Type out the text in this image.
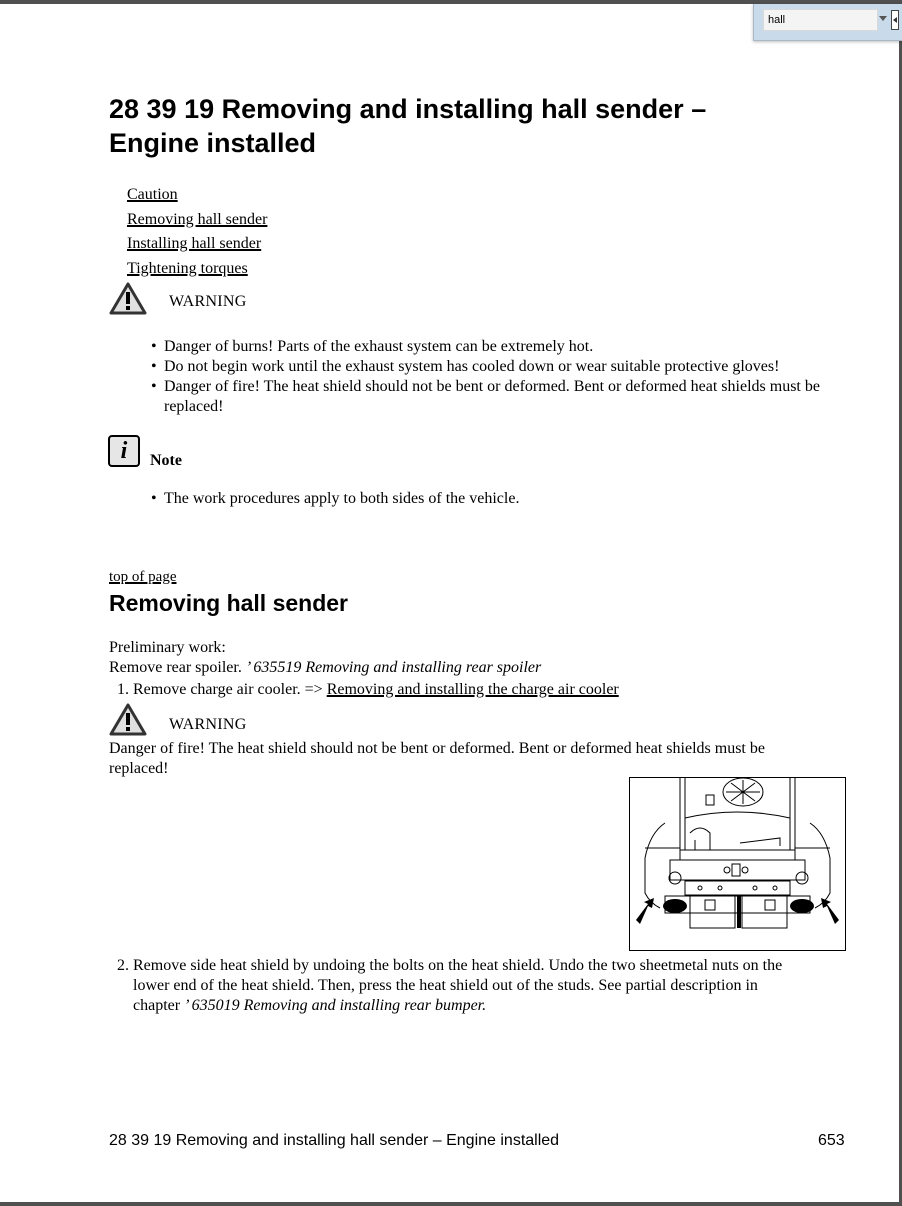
hall
28 39 19 Removing and installing hall sender – Engine installed
Caution
Removing hall sender
Installing hall sender
Tightening torques
WARNING
• Danger of burns! Parts of the exhaust system can be extremely hot.
• Do not begin work until the exhaust system has cooled down or wear suitable protective gloves!
• Danger of fire! The heat shield should not be bent or deformed. Bent or deformed heat shields must be replaced!
i	Note
• The work procedures apply to both sides of the vehicle.
top of page
Removing hall sender
Preliminary work:
Remove rear spoiler. ’ 635519 Removing and installing rear spoiler
1. Remove charge air cooler. => Removing and installing the charge air cooler
WARNING
Danger of fire! The heat shield should not be bent or deformed. Bent or deformed heat shields must be replaced!
2. Remove side heat shield by undoing the bolts on the heat shield. Undo the two sheetmetal nuts on the lower end of the heat shield. Then, press the heat shield out of the studs. See partial description in chapter ’ 635019 Removing and installing rear bumper.
28 39 19 Removing and installing hall sender – Engine installed	653
